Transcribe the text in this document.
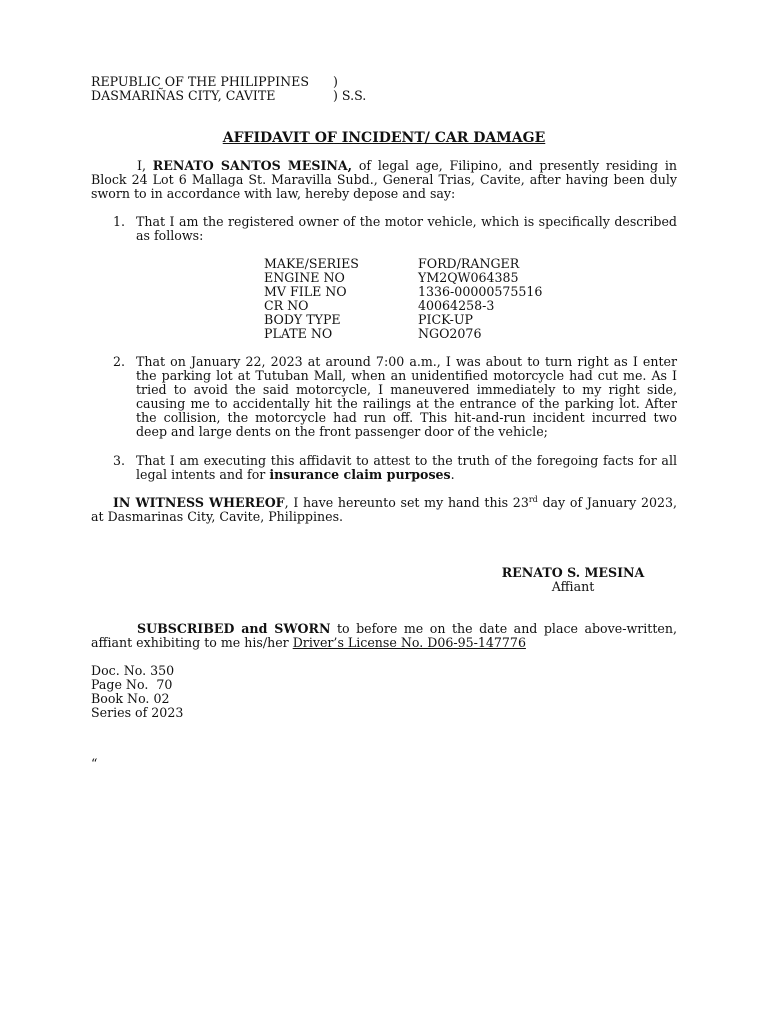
REPUBLIC OF THE PHILIPPINES )
DASMARIÑAS CITY, CAVITE	) S.S.
AFFIDAVIT OF INCIDENT/ CAR DAMAGE
I, RENATO SANTOS MESINA, of legal age, Filipino, and presently residing in Block 24 Lot 6 Mallaga St. Maravilla Subd., General Trias, Cavite, after having been duly sworn to in accordance with law, hereby depose and say:
1. That I am the registered owner of the motor vehicle, which is specifically described as follows:
MAKE/SERIES	FORD/RANGER
ENGINE NO	YM2QW064385
MV FILE NO	1336-00000575516
CR NO	40064258-3
BODY TYPE	PICK-UP
PLATE NO	NGO2076
2. That on January 22, 2023 at around 7:00 a.m., I was about to turn right as I enter the parking lot at Tutuban Mall, when an unidentified motorcycle had cut me. As I tried to avoid the said motorcycle, I maneuvered immediately to my right side, causing me to accidentally hit the railings at the entrance of the parking lot. After the collision, the motorcycle had run off. This hit-and-run incident incurred two deep and large dents on the front passenger door of the vehicle;
3. That I am executing this affidavit to attest to the truth of the foregoing facts for all legal intents and for insurance claim purposes.
IN WITNESS WHEREOF, I have hereunto set my hand this 23rd day of January 2023, at Dasmarinas City, Cavite, Philippines.
RENATO S. MESINA
Affiant
SUBSCRIBED and SWORN to before me on the date and place above-written, affiant exhibiting to me his/her Driver’s License No. D06-95-147776
Doc. No. 350
Page No.  70
Book No. 02
Series of 2023
“
